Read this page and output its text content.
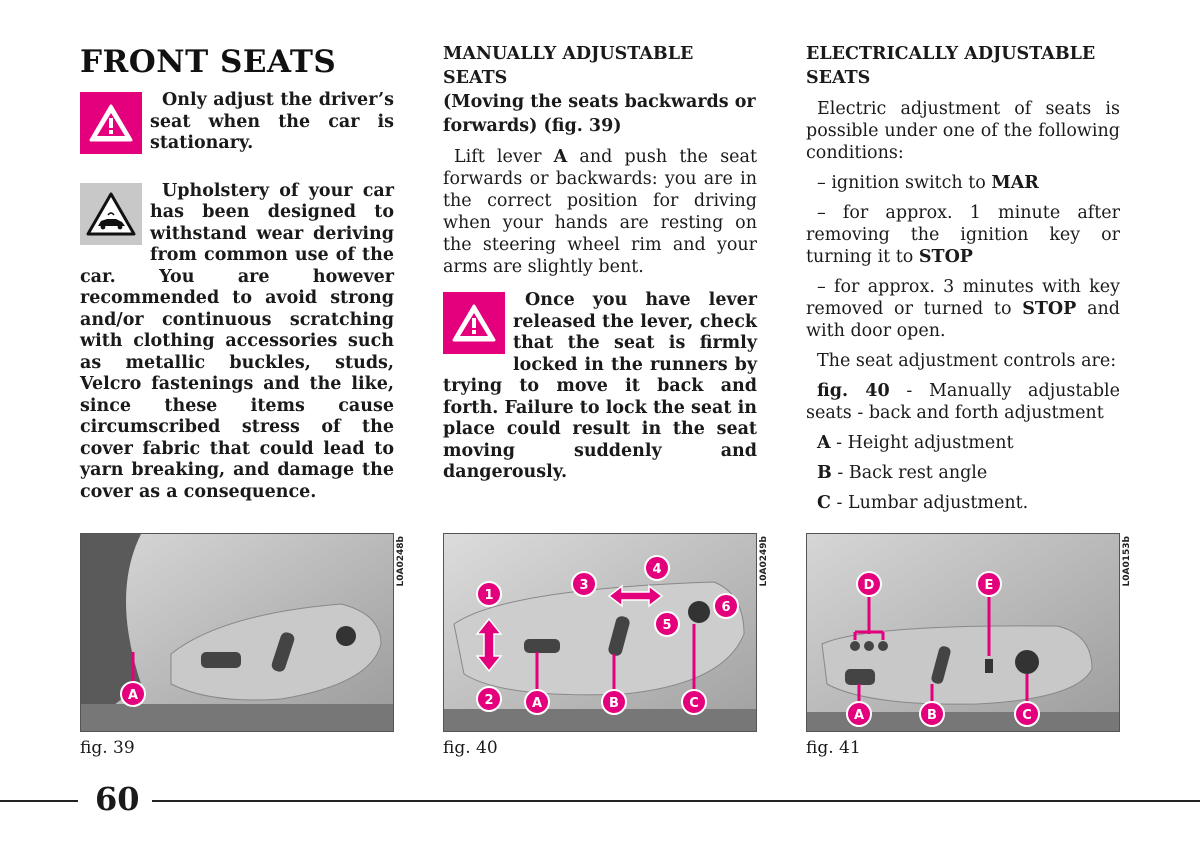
FRONT SEATS

Only adjust the driver’s seat when the car is stationary.

Upholstery of your car has been designed to withstand wear deriving from common use of the car. You are however recommended to avoid strong and/or continuous scratching with clothing accessories such as metallic buckles, studs, Velcro fastenings and the like, since these items cause circumscribed stress of the cover fabric that could lead to yarn breaking, and damage the cover as a consequence.

MANUALLY ADJUSTABLE SEATS
(Moving the seats backwards or forwards) (fig. 39)

Lift lever A and push the seat forwards or backwards: you are in the correct position for driving when your hands are resting on the steering wheel rim and your arms are slightly bent.

Once you have lever released the lever, check that the seat is firmly locked in the runners by trying to move it back and forth. Failure to lock the seat in place could result in the seat moving suddenly and dangerously.

ELECTRICALLY ADJUSTABLE SEATS

Electric adjustment of seats is possible under one of the following conditions:

– ignition switch to MAR

– for approx. 1 minute after removing the ignition key or turning it to STOP

– for approx. 3 minutes with key removed or turned to STOP and with door open.

The seat adjustment controls are:

fig. 40 - Manually adjustable seats - back and forth adjustment

A - Height adjustment

B - Back rest angle

C - Lumbar adjustment.

A
L0A0248b
fig. 39
1
2
3
4
5
6
A	B	C
L0A0249b
fig. 40
D	E
A	B	C
L0A0153b
fig. 41
60
